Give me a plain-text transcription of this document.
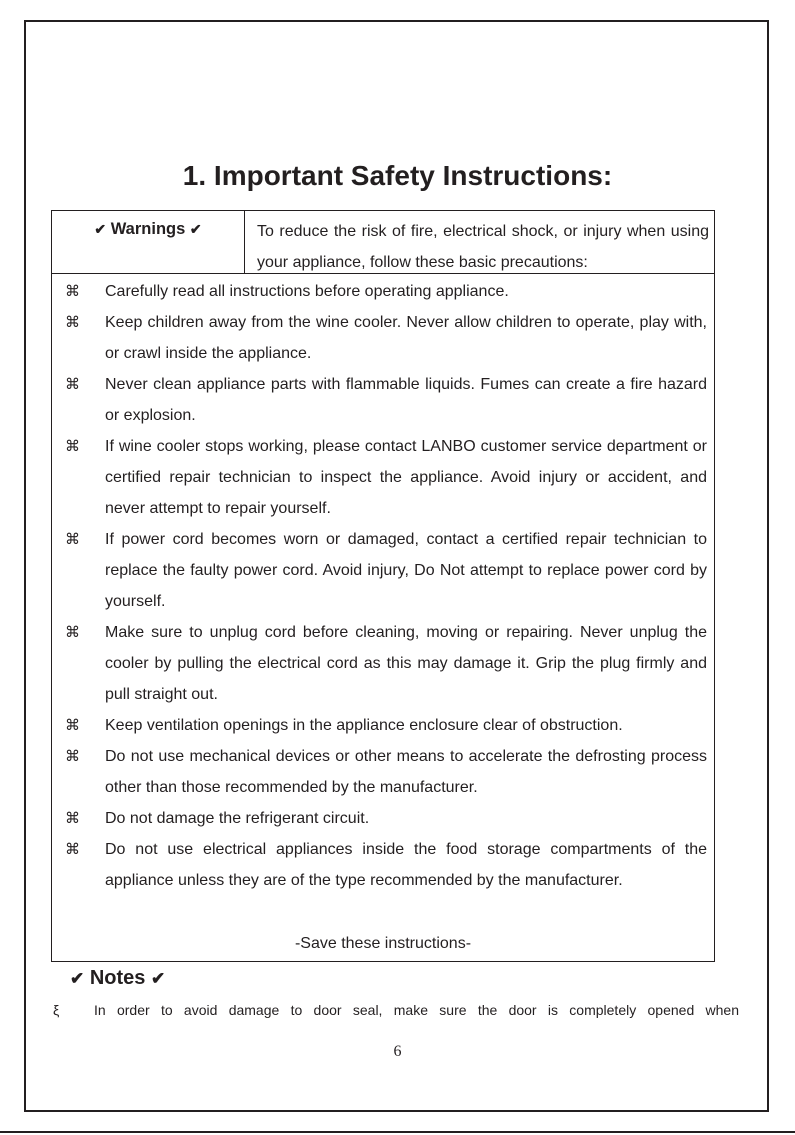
1. Important Safety Instructions:
✔ Warnings ✔	To reduce the risk of fire, electrical shock, or injury when using your appliance, follow these basic precautions:
⌘ Carefully read all instructions before operating appliance.
⌘ Keep children away from the wine cooler. Never allow children to operate, play with, or crawl inside the appliance.
⌘ Never clean appliance parts with flammable liquids. Fumes can create a fire hazard or explosion.
⌘ If wine cooler stops working, please contact LANBO customer service department or certified repair technician to inspect the appliance. Avoid injury or accident, and never attempt to repair yourself.
⌘ If power cord becomes worn or damaged, contact a certified repair technician to replace the faulty power cord. Avoid injury, Do Not attempt to replace power cord by yourself.
⌘ Make sure to unplug cord before cleaning, moving or repairing. Never unplug the cooler by pulling the electrical cord as this may damage it. Grip the plug firmly and pull straight out.
⌘ Keep ventilation openings in the appliance enclosure clear of obstruction.
⌘ Do not use mechanical devices or other means to accelerate the defrosting process other than those recommended by the manufacturer.
⌘ Do not damage the refrigerant circuit.
⌘ Do not use electrical appliances inside the food storage compartments of the appliance unless they are of the type recommended by the manufacturer.
-Save these instructions-
✔ Notes ✔
ξ In order to avoid damage to door seal, make sure the door is completely opened when
6
